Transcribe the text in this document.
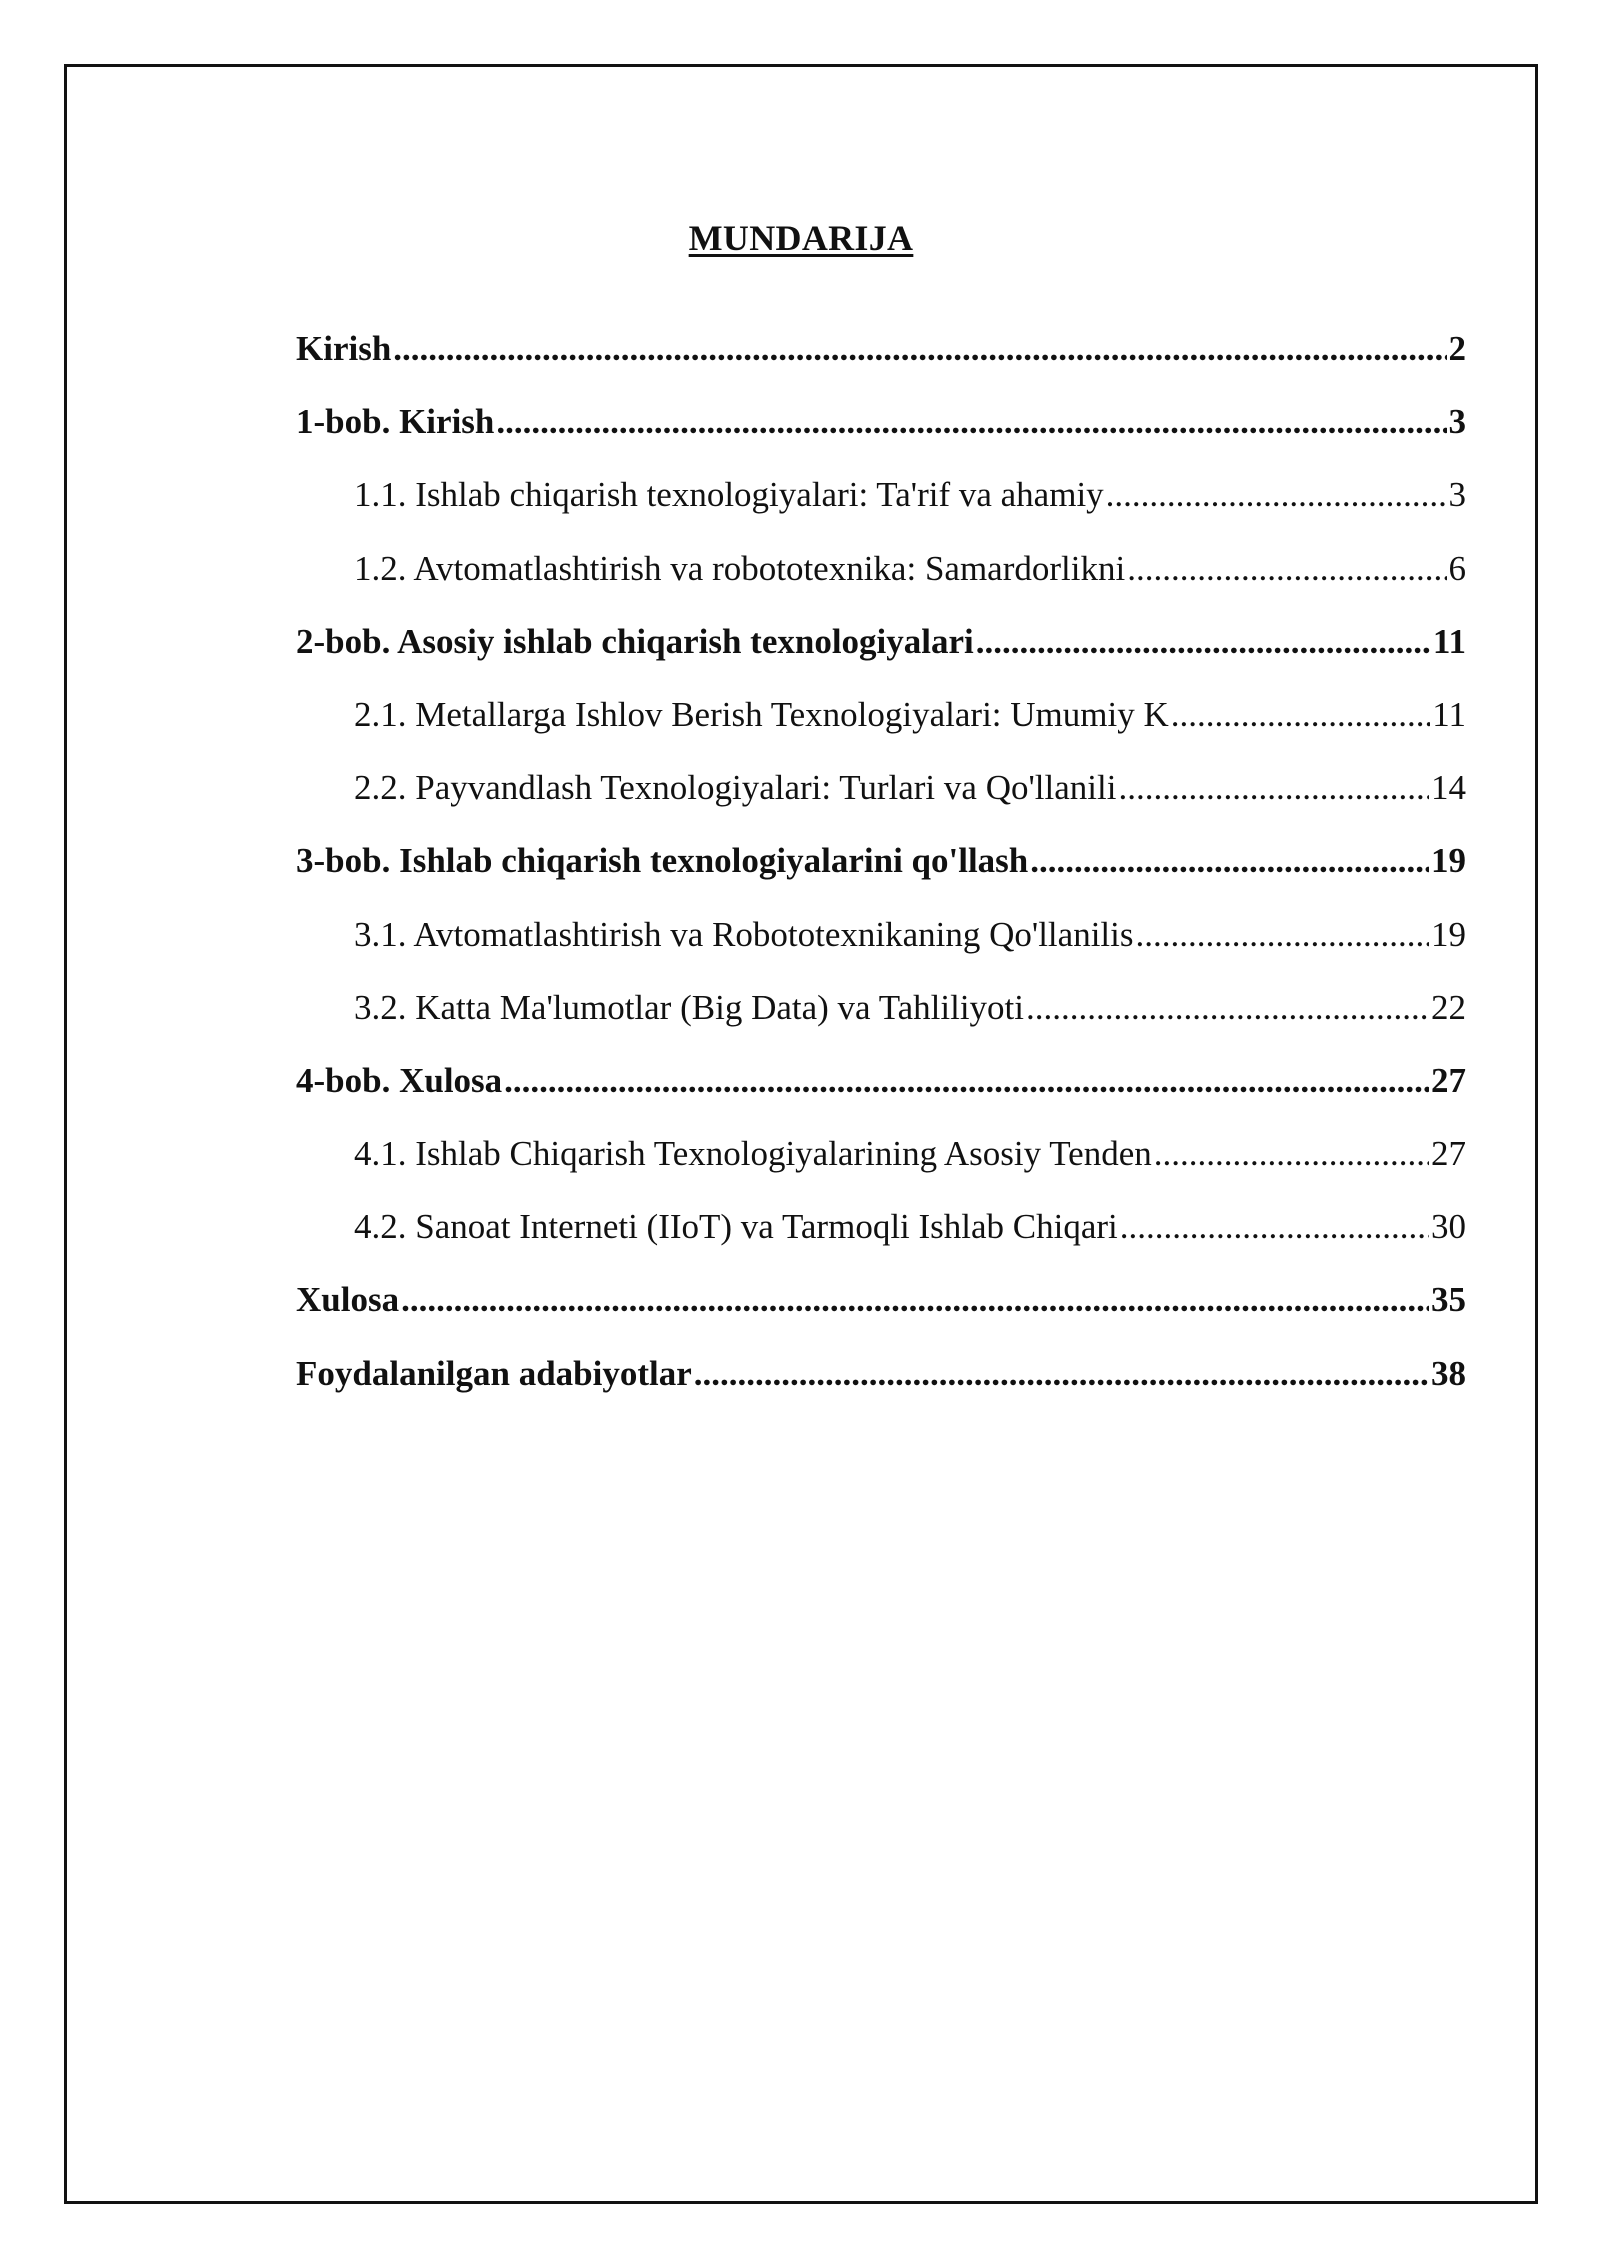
MUNDARIJA
Kirish .....	2
1-bob. Kirish .....	3
1.1. Ishlab chiqarish texnologiyalari: Ta'rif va ahamiy .....	3
1.2. Avtomatlashtirish va robototexnika: Samardorlikni .....	6
2-bob. Asosiy ishlab chiqarish texnologiyalari .....	11
2.1. Metallarga Ishlov Berish Texnologiyalari: Umumiy K .....	11
2.2. Payvandlash Texnologiyalari: Turlari va Qo'llanili .....	14
3-bob. Ishlab chiqarish texnologiyalarini qo'llash .....	19
3.1. Avtomatlashtirish va Robototexnikaning Qo'llanilis .....	19
3.2. Katta Ma'lumotlar (Big Data) va Tahliliyoti .....	22
4-bob. Xulosa .....	27
4.1. Ishlab Chiqarish Texnologiyalarining Asosiy Tenden .....	27
4.2. Sanoat Interneti (IIoT) va Tarmoqli Ishlab Chiqari .....	30
Xulosa .....	35
Foydalanilgan adabiyotlar .....	38
